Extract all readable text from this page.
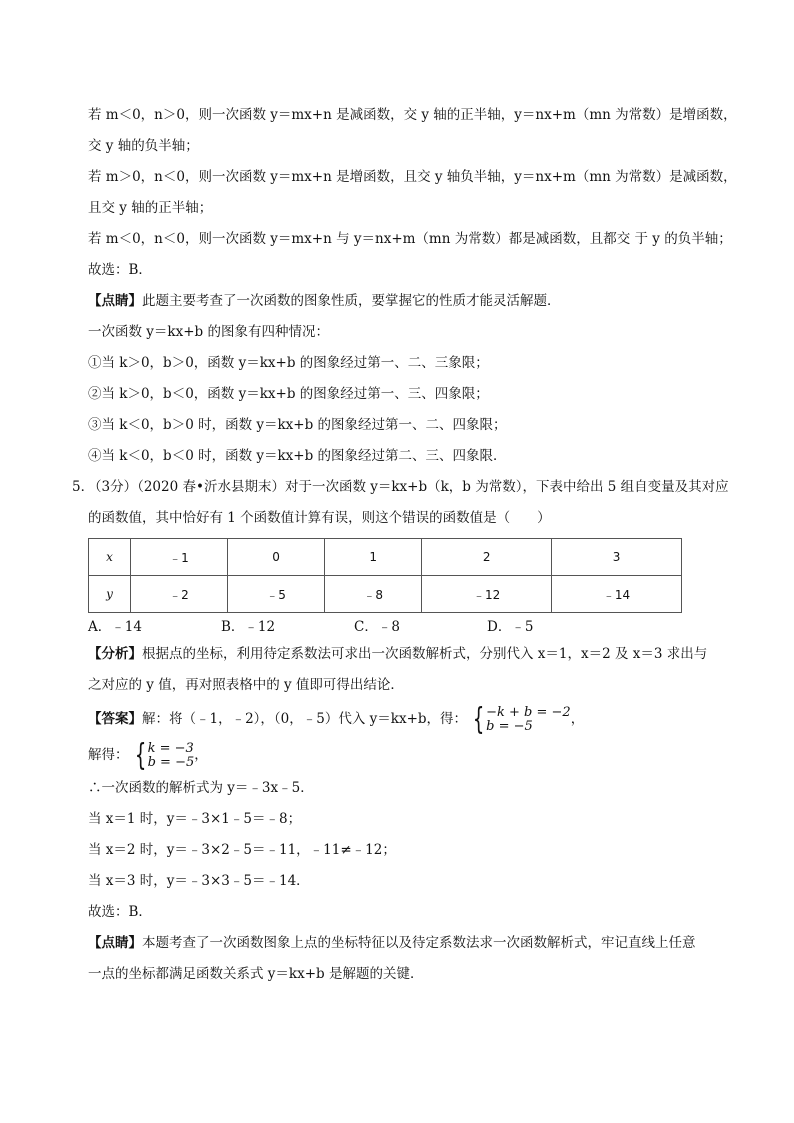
若 m＜0，n＞0，则一次函数 y＝mx+n 是减函数，交 y 轴的正半轴，y＝nx+m（mn 为常数）是增函数，
交 y 轴的负半轴；
若 m＞0，n＜0，则一次函数 y＝mx+n 是增函数，且交 y 轴负半轴，y＝nx+m（mn 为常数）是减函数，
且交 y 轴的正半轴；
若 m＜0，n＜0，则一次函数 y＝mx+n 与 y＝nx+m（mn 为常数）都是减函数，且都交 于 y 的负半轴；
故选：B．
【点睛】此题主要考查了一次函数的图象性质，要掌握它的性质才能灵活解题．
一次函数 y＝kx+b 的图象有四种情况：
①当 k＞0，b＞0，函数 y＝kx+b 的图象经过第一、二、三象限；
②当 k＞0，b＜0，函数 y＝kx+b 的图象经过第一、三、四象限；
③当 k＜0，b＞0 时，函数 y＝kx+b 的图象经过第一、二、四象限；
④当 k＜0，b＜0 时，函数 y＝kx+b 的图象经过第二、三、四象限．
5．
（3分）（2020 春•沂水县期末）对于一次函数 y＝kx+b（k，b 为常数），下表中给出 5 组自变量及其对应
的函数值，其中恰好有 1 个函数值计算有误，则这个错误的函数值是（　　）
x	﹣1	0	1	2	3
y	﹣2	﹣5	﹣8	﹣12	﹣14
A．﹣14	B．﹣12	C．﹣8	D．﹣5
【分析】根据点的坐标，利用待定系数法可求出一次函数解析式，分别代入 x＝1，x＝2 及 x＝3 求出与
之对应的 y 值，再对照表格中的 y 值即可得出结论．
【答案】解：将（﹣1，﹣2），（0，﹣5）代入 y＝kx+b，得： { −k + b = −2
b = −5	，
解得： { k = −3
b = −5 ，
∴一次函数的解析式为 y＝﹣3x﹣5．
当 x＝1 时，y＝﹣3×1﹣5＝﹣8；
当 x＝2 时，y＝﹣3×2﹣5＝﹣11，﹣11≠﹣12；
当 x＝3 时，y＝﹣3×3﹣5＝﹣14．
故选：B．
【点睛】本题考查了一次函数图象上点的坐标特征以及待定系数法求一次函数解析式，牢记直线上任意
一点的坐标都满足函数关系式 y＝kx+b 是解题的关键．
